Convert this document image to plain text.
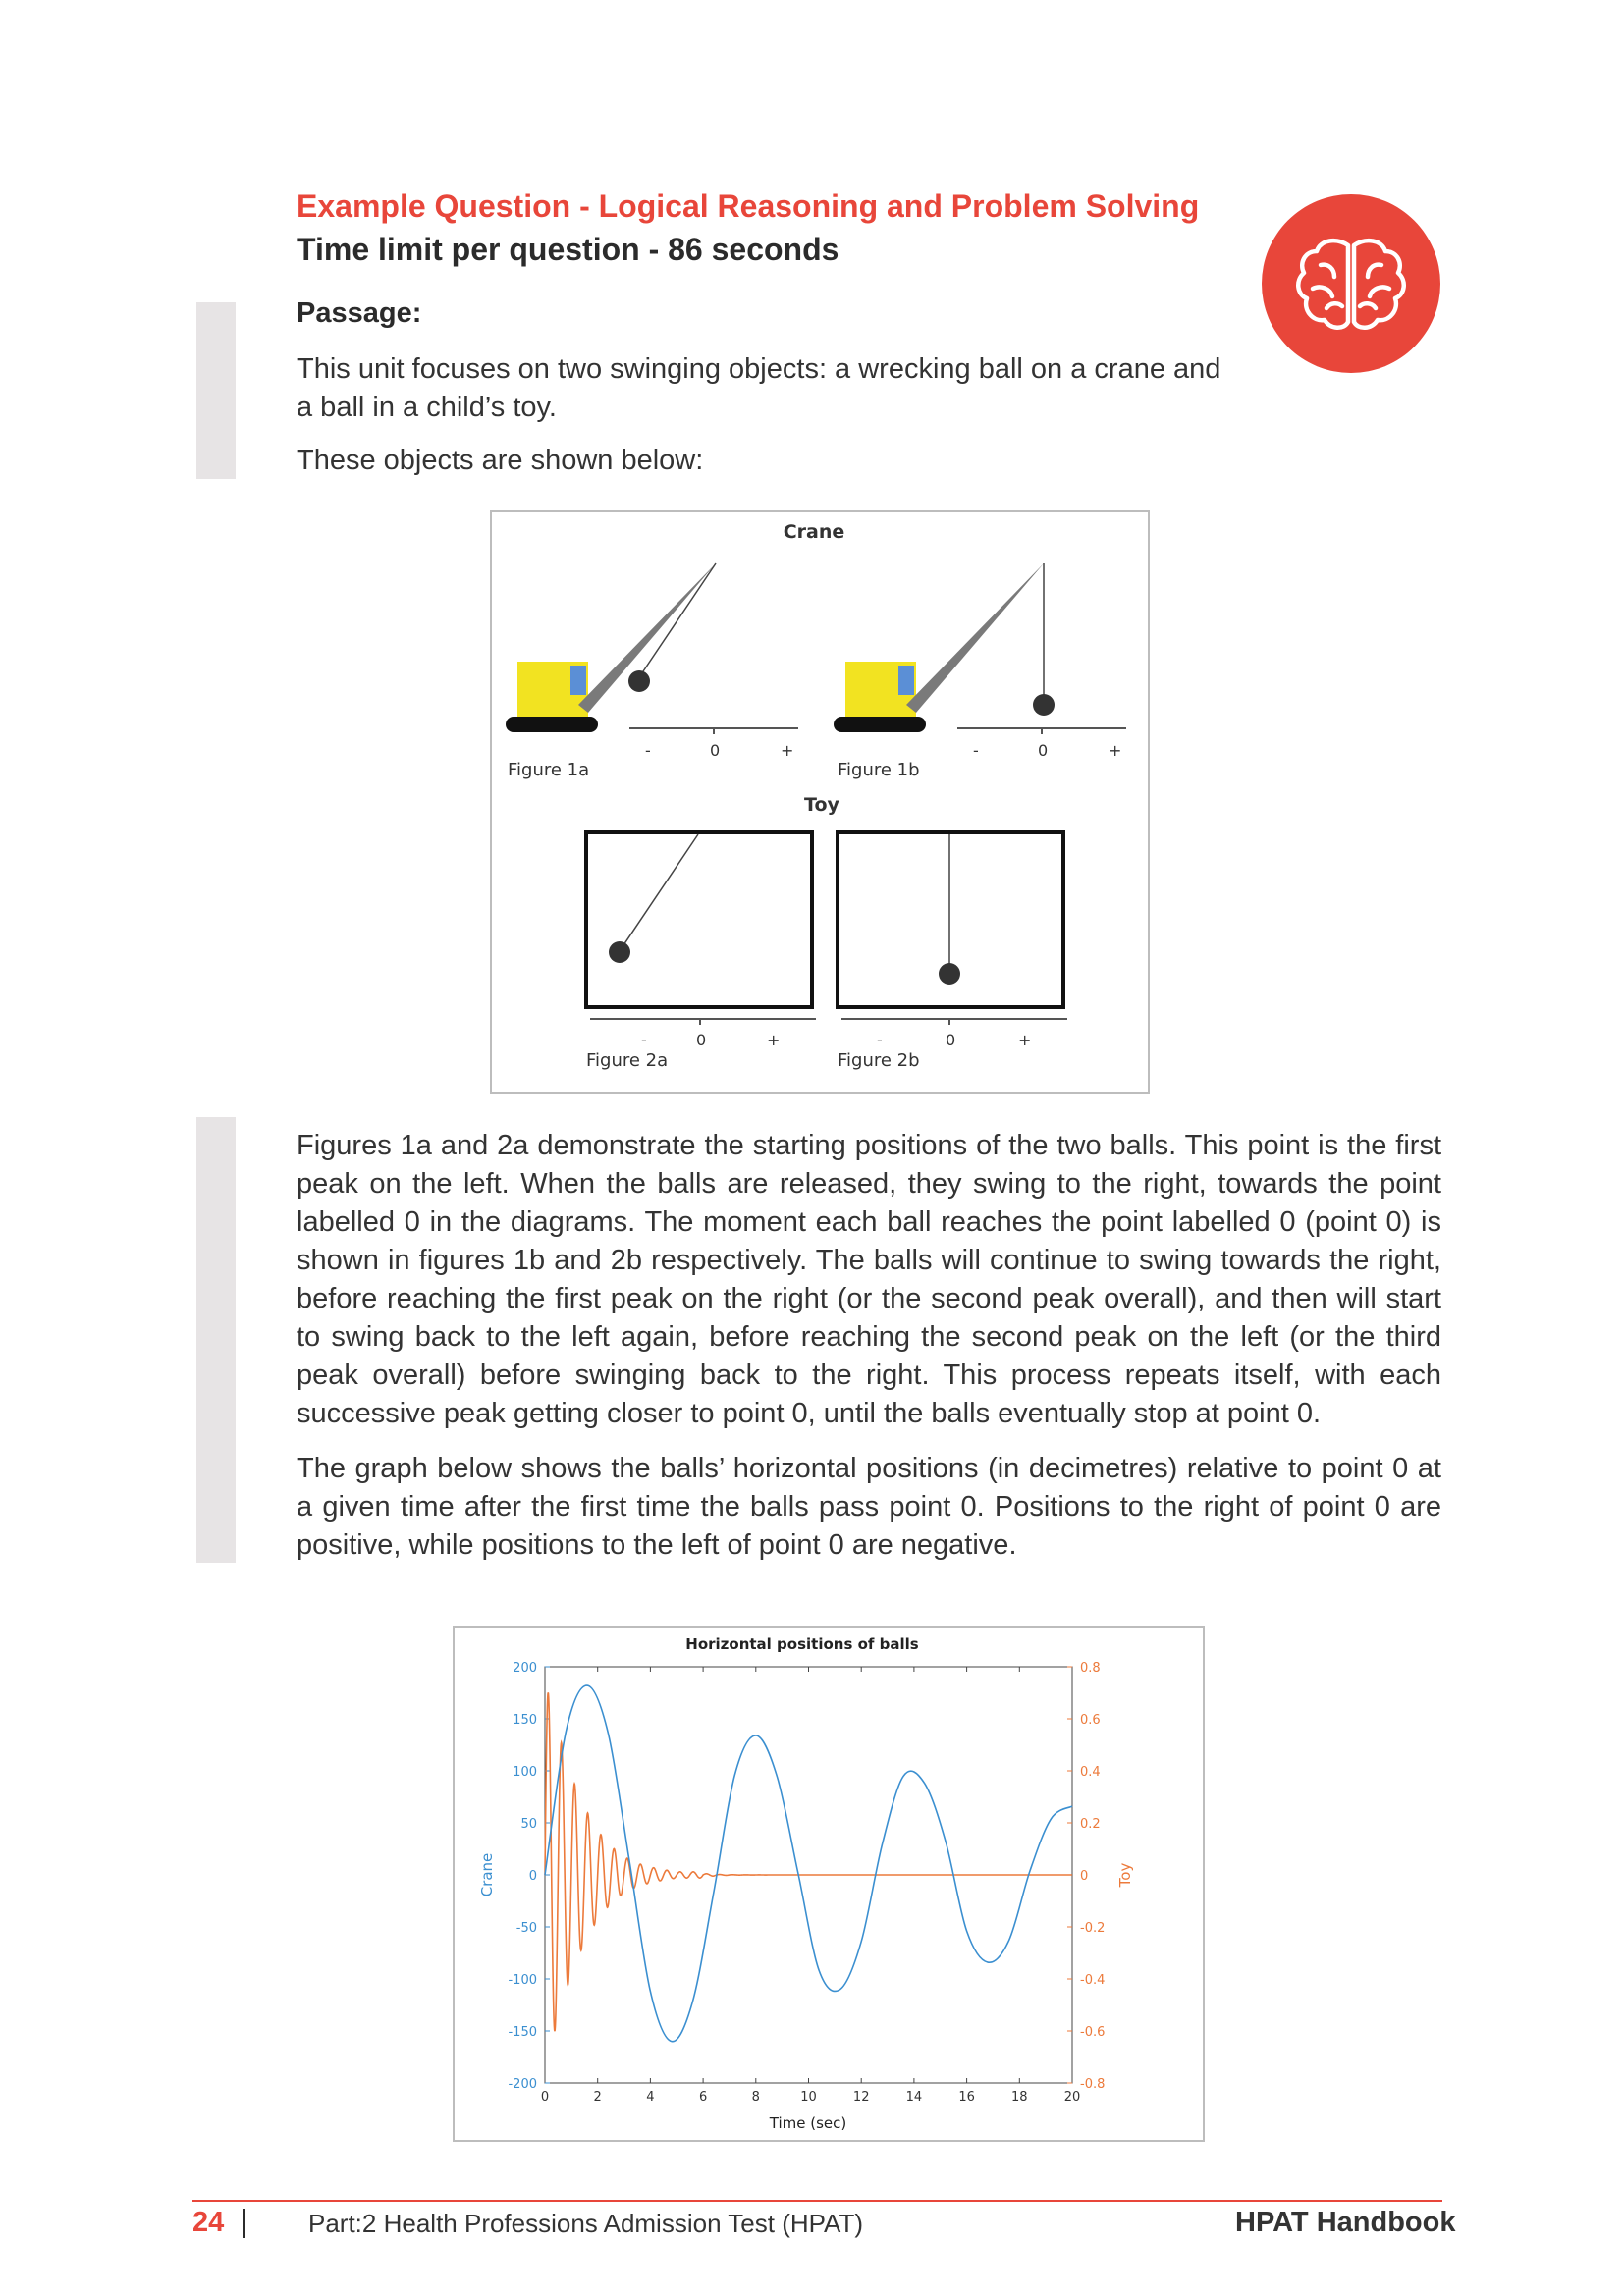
Example Question - Logical Reasoning and Problem Solving
Time limit per question - 86 seconds
Passage:
This unit focuses on two swinging objects: a wrecking ball on a crane and a ball in a child’s toy.
These objects are shown below:
Crane
-	0	+
Figure 1a
-	0	+
Figure 1b
Toy
-	0	+
Figure 2a
-	0	+
Figure 2b
Figures 1a and 2a demonstrate the starting positions of the two balls. This point is the first peak on the left. When the balls are released, they swing to the right, towards the point labelled 0 in the diagrams. The moment each ball reaches the point labelled 0 (point 0) is shown in figures 1b and 2b respectively. The balls will continue to swing towards the right, before reaching the first peak on the right (or the second peak overall), and then will start to swing back to the left again, before reaching the second peak on the left (or the third peak overall) before swinging back to the right. This process repeats itself, with each successive peak getting closer to point 0, until the balls eventually stop at point 0.
The graph below shows the balls’ horizontal positions (in decimetres) relative to point 0 at a given time after the first time the balls pass point 0. Positions to the right of point 0 are positive, while positions to the left of point 0 are negative.
Horizontal positions of balls
0	2	4	6	8	10	12	14	16	18	20
200
150
100
50
0
-50
-100
-150
-200
0.8
0.6
0.4
0.2
0
-0.2
-0.4
-0.6
-0.8
Time (sec)
Crane	Toy
24	Part:2 Health Professions Admission Test (HPAT)	HPAT Handbook
